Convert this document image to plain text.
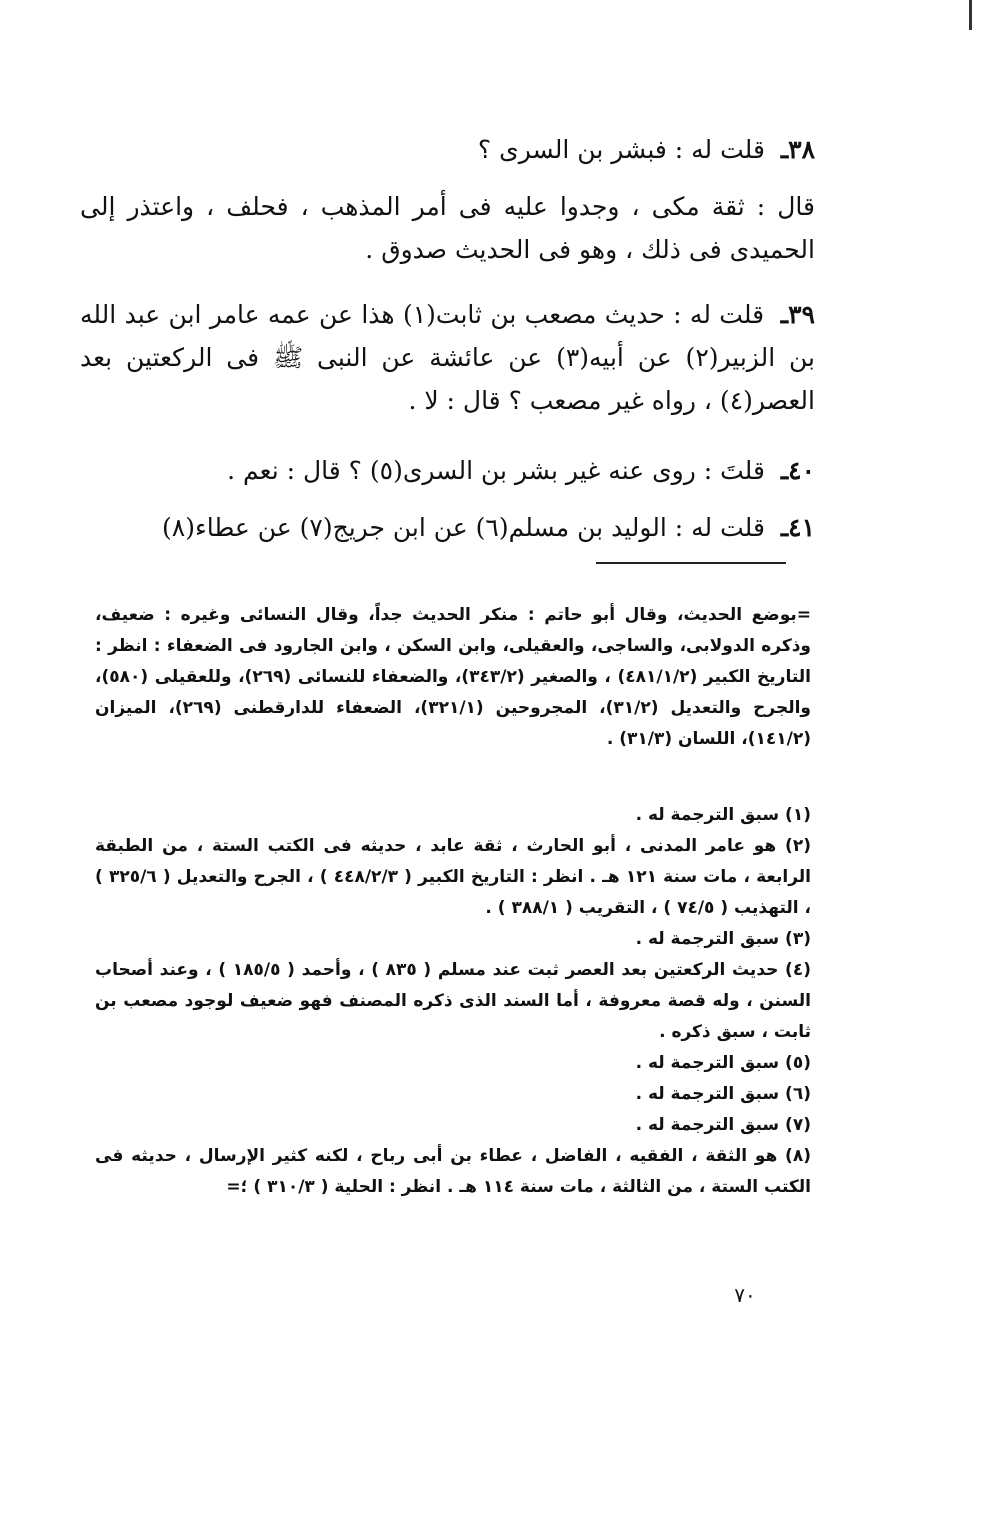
٣٨ـ  قلت له : فبشر بن السرى ؟

قال : ثقة مكى ، وجدوا عليه فى أمر المذهب ، فحلف ، واعتذر إلى الحميدى فى ذلك ، وهو فى الحديث صدوق .

٣٩ـ  قلت له : حديث مصعب بن ثابت(١) هذا عن عمه عامر ابن عبد الله بن الزبير(٢) عن أبيه(٣) عن عائشة عن النبى ﷺ فى الركعتين بعد العصر(٤) ، رواه غير مصعب ؟ قال : لا .

٤٠ـ  قلتَ : روى عنه غير بشر بن السرى(٥) ؟ قال : نعم .

٤١ـ  قلت له : الوليد بن مسلم(٦) عن ابن جريج(٧) عن عطاء(٨)

=بوضع الحديث، وقال أبو حاتم : منكر الحديث جداً، وقال النسائى وغيره : ضعيف، وذكره الدولابى، والساجى، والعقيلى، وابن السكن ، وابن الجارود فى الضعفاء : انظر : التاريخ الكبير (٤٨١/١/٢) ، والصغير (٣٤٣/٢)، والضعفاء للنسائى (٢٦٩)، وللعقيلى (٥٨٠)، والجرح والتعديل (٣١/٢)، المجروحين (٣٢١/١)، الضعفاء للدارقطنى (٢٦٩)، الميزان (١٤١/٢)، اللسان (٣١/٣) .

(١) سبق الترجمة له .

(٢) هو عامر المدنى ، أبو الحارث ، ثقة عابد ، حديثه فى الكتب الستة ، من الطبقة الرابعة ، مات سنة ١٢١ هـ . انظر : التاريخ الكبير ( ٤٤٨/٢/٣ ) ، الجرح والتعديل ( ٣٢٥/٦ ) ، التهذيب ( ٧٤/٥ ) ، التقريب ( ٣٨٨/١ ) .

(٣) سبق الترجمة له .

(٤) حديث الركعتين بعد العصر ثبت عند مسلم ( ٨٣٥ ) ، وأحمد ( ١٨٥/٥ ) ، وعند أصحاب السنن ، وله قصة معروفة ، أما السند الذى ذكره المصنف فهو ضعيف لوجود مصعب بن ثابت ، سبق ذكره .

(٥) سبق الترجمة له .

(٦) سبق الترجمة له .

(٧) سبق الترجمة له .

(٨) هو الثقة ، الفقيه ، الفاضل ، عطاء بن أبى رباح ، لكنه كثير الإرسال ، حديثه فى الكتب الستة ، من الثالثة ، مات سنة ١١٤ هـ . انظر : الحلية ( ٣١٠/٣ ) ؛=

٧٠
